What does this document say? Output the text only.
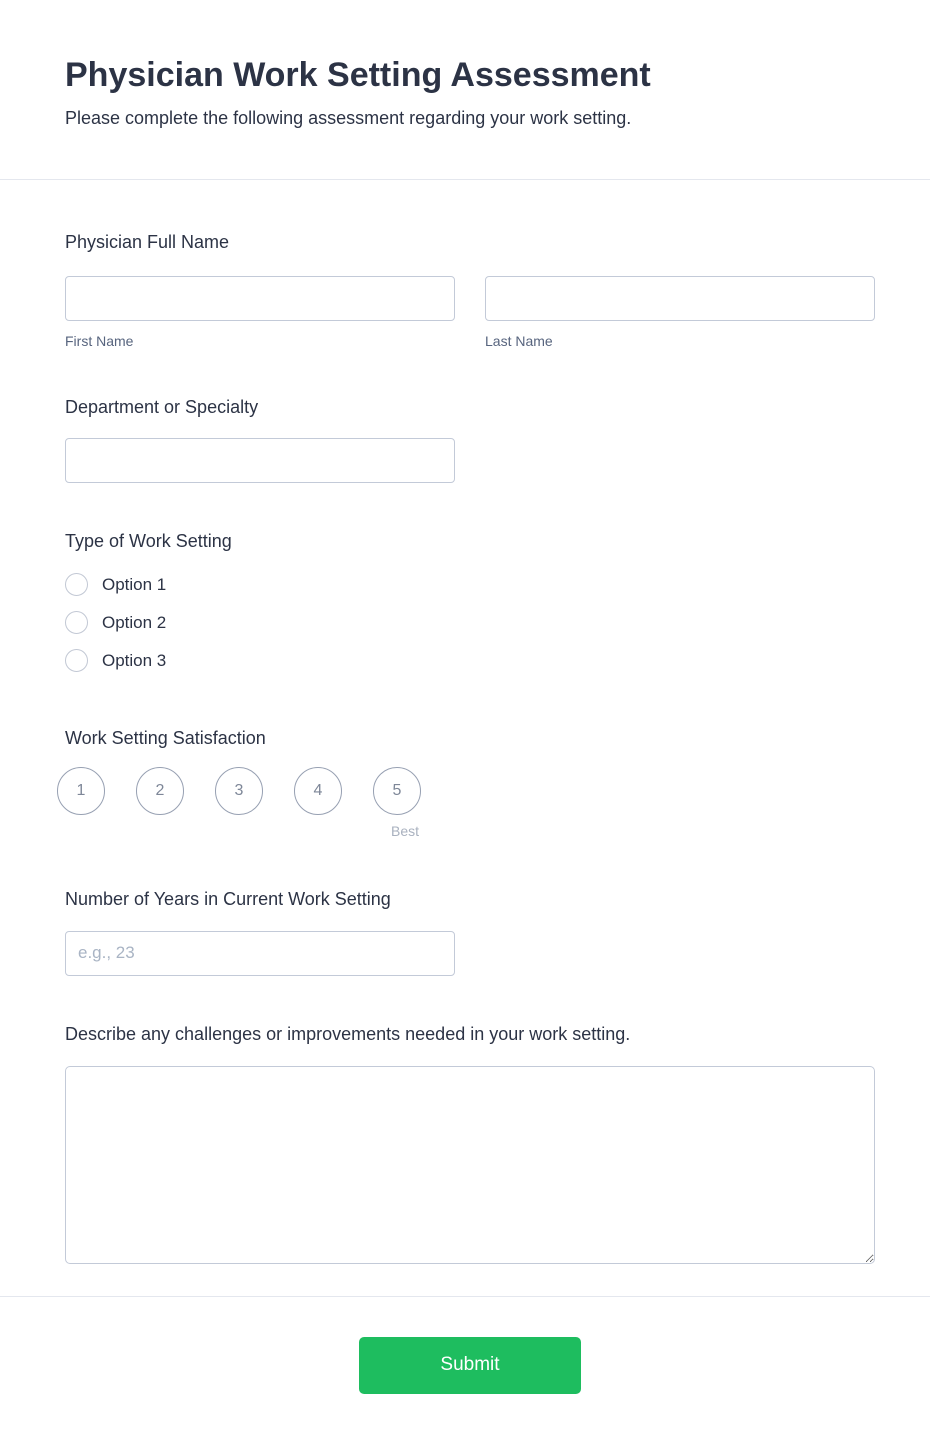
Physician Work Setting Assessment

Please complete the following assessment regarding your work setting.

Physician Full Name
First Name	Last Name
Department or Specialty
Type of Work Setting
Option 1
Option 2
Option 3
Work Setting Satisfaction
1	2	3	4	5
Best
Number of Years in Current Work Setting
e.g., 23
Describe any challenges or improvements needed in your work setting.
Submit
